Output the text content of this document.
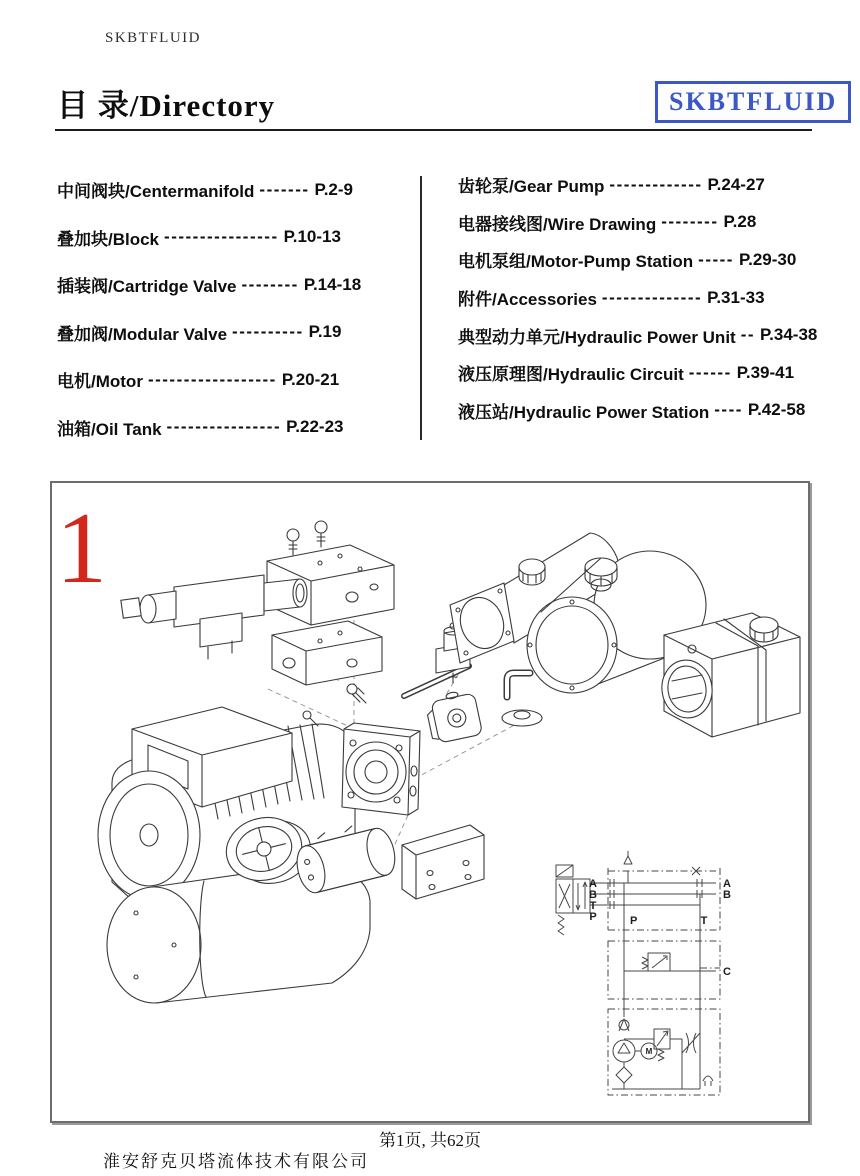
SKBTFLUID
目 录/Directory	SKBTFLUID
中间阀块/Centermanifold ------- P.2-9
叠加块/Block ---------------- P.10-13
插装阀/Cartridge Valve -------- P.14-18
叠加阀/Modular Valve ---------- P.19
电机/Motor ------------------ P.20-21
油箱/Oil Tank ---------------- P.22-23
齿轮泵/Gear Pump ------------- P.24-27
电器接线图/Wire Drawing -------- P.28
电机泵组/Motor-Pump Station ----- P.29-30
附件/Accessories -------------- P.31-33
典型动力单元/Hydraulic Power Unit -- P.34-38
液压原理图/Hydraulic Circuit ------ P.39-41
液压站/Hydraulic Power Station ---- P.42-58
A
B
T
P	P	T
A
B
C
M
1
第1页, 共62页
淮安舒克贝塔流体技术有限公司
